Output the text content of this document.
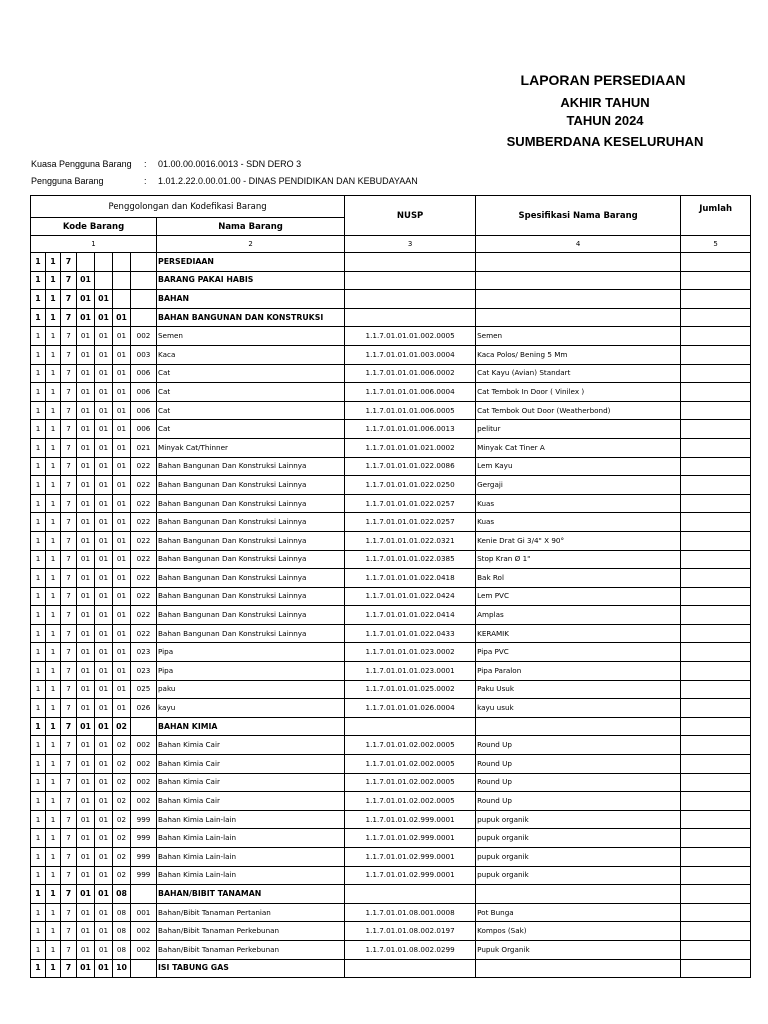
LAPORAN PERSEDIAAN
AKHIR TAHUN
TAHUN 2024
SUMBERDANA KESELURUHAN
Kuasa Pengguna Barang	: 01.00.00.0016.0013 - SDN DERO 3
Pengguna Barang	: 1.01.2.22.0.00.01.00 - DINAS PENDIDIKAN DAN KEBUDAYAAN
Penggolongan dan Kodefikasi Barang								NUSP	Spesifikasi Nama Barang	Jumlah
Kode Barang							Nama Barang			
1							2	3	4	5
1	1	7					PERSEDIAAN			
1	1	7	01				BARANG PAKAI HABIS			
1	1	7	01	01			BAHAN			
1	1	7	01	01	01		BAHAN BANGUNAN DAN KONSTRUKSI			
1	1	7	01	01	01	002	Semen	1.1.7.01.01.01.002.0005	Semen	
1	1	7	01	01	01	003	Kaca	1.1.7.01.01.01.003.0004	Kaca Polos/ Bening 5 Mm	
1	1	7	01	01	01	006	Cat	1.1.7.01.01.01.006.0002	Cat Kayu (Avian) Standart	
1	1	7	01	01	01	006	Cat	1.1.7.01.01.01.006.0004	Cat Tembok In Door ( Vinilex )	
1	1	7	01	01	01	006	Cat	1.1.7.01.01.01.006.0005	Cat Tembok Out Door (Weatherbond)	
1	1	7	01	01	01	006	Cat	1.1.7.01.01.01.006.0013	pelitur	
1	1	7	01	01	01	021	Minyak Cat/Thinner	1.1.7.01.01.01.021.0002	Minyak Cat Tiner A	
1	1	7	01	01	01	022	Bahan Bangunan Dan Konstruksi Lainnya	1.1.7.01.01.01.022.0086	Lem Kayu	
1	1	7	01	01	01	022	Bahan Bangunan Dan Konstruksi Lainnya	1.1.7.01.01.01.022.0250	Gergaji	
1	1	7	01	01	01	022	Bahan Bangunan Dan Konstruksi Lainnya	1.1.7.01.01.01.022.0257	Kuas	
1	1	7	01	01	01	022	Bahan Bangunan Dan Konstruksi Lainnya	1.1.7.01.01.01.022.0257	Kuas	
1	1	7	01	01	01	022	Bahan Bangunan Dan Konstruksi Lainnya	1.1.7.01.01.01.022.0321	Kenie Drat Gi 3/4" X 90°	
1	1	7	01	01	01	022	Bahan Bangunan Dan Konstruksi Lainnya	1.1.7.01.01.01.022.0385	Stop Kran Ø 1"	
1	1	7	01	01	01	022	Bahan Bangunan Dan Konstruksi Lainnya	1.1.7.01.01.01.022.0418	Bak Rol	
1	1	7	01	01	01	022	Bahan Bangunan Dan Konstruksi Lainnya	1.1.7.01.01.01.022.0424	Lem PVC	
1	1	7	01	01	01	022	Bahan Bangunan Dan Konstruksi Lainnya	1.1.7.01.01.01.022.0414	Amplas	
1	1	7	01	01	01	022	Bahan Bangunan Dan Konstruksi Lainnya	1.1.7.01.01.01.022.0433	KERAMIK	
1	1	7	01	01	01	023	Pipa	1.1.7.01.01.01.023.0002	Pipa PVC	
1	1	7	01	01	01	023	Pipa	1.1.7.01.01.01.023.0001	Pipa Paralon	
1	1	7	01	01	01	025	paku	1.1.7.01.01.01.025.0002	Paku Usuk	
1	1	7	01	01	01	026	kayu	1.1.7.01.01.01.026.0004	kayu usuk	
1	1	7	01	01	02		BAHAN KIMIA			
1	1	7	01	01	02	002	Bahan Kimia Cair	1.1.7.01.01.02.002.0005	Round Up	
1	1	7	01	01	02	002	Bahan Kimia Cair	1.1.7.01.01.02.002.0005	Round Up	
1	1	7	01	01	02	002	Bahan Kimia Cair	1.1.7.01.01.02.002.0005	Round Up	
1	1	7	01	01	02	002	Bahan Kimia Cair	1.1.7.01.01.02.002.0005	Round Up	
1	1	7	01	01	02	999	Bahan Kimia Lain-lain	1.1.7.01.01.02.999.0001	pupuk organik	
1	1	7	01	01	02	999	Bahan Kimia Lain-lain	1.1.7.01.01.02.999.0001	pupuk organik	
1	1	7	01	01	02	999	Bahan Kimia Lain-lain	1.1.7.01.01.02.999.0001	pupuk organik	
1	1	7	01	01	02	999	Bahan Kimia Lain-lain	1.1.7.01.01.02.999.0001	pupuk organik	
1	1	7	01	01	08		BAHAN/BIBIT TANAMAN			
1	1	7	01	01	08	001	Bahan/Bibit Tanaman Pertanian	1.1.7.01.01.08.001.0008	Pot Bunga	
1	1	7	01	01	08	002	Bahan/Bibit Tanaman Perkebunan	1.1.7.01.01.08.002.0197	Kompos (Sak)	
1	1	7	01	01	08	002	Bahan/Bibit Tanaman Perkebunan	1.1.7.01.01.08.002.0299	Pupuk Organik	
1	1	7	01	01	10		ISI TABUNG GAS			
